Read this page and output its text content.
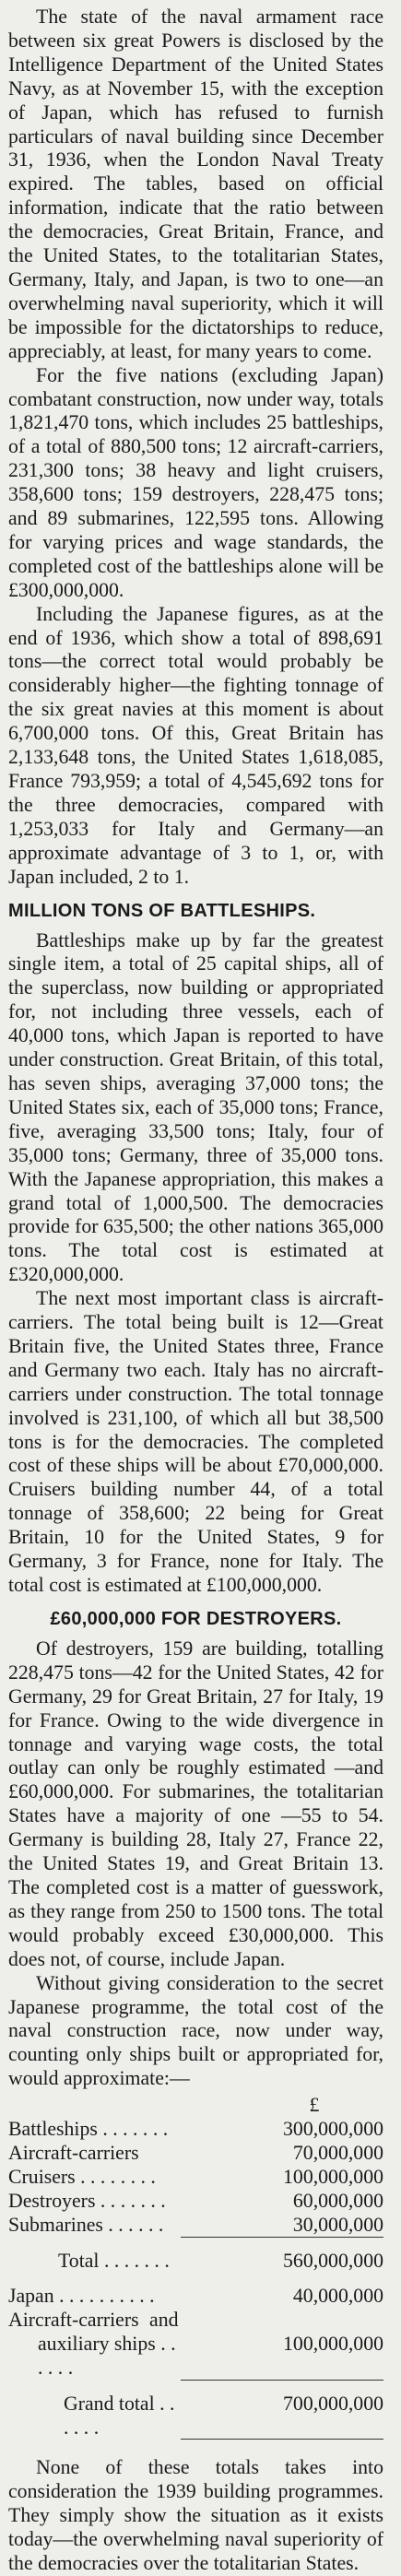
The state of the naval armament race between six great Powers is disclosed by the Intelligence Department of the United States Navy, as at November 15, with the exception of Japan, which has refused to furnish particulars of naval building since December 31, 1936, when the London Naval Treaty expired. The tables, based on official information, indicate that the ratio between the democracies, Great Britain, France, and the United States, to the totalitarian States, Germany, Italy, and Japan, is two to one—an overwhelming naval superiority, which it will be impossible for the dictatorships to reduce, appreciably, at least, for many years to come.

For the five nations (excluding Japan) combatant construction, now under way, totals 1,821,470 tons, which includes 25 battleships, of a total of 880,500 tons; 12 aircraft-carriers, 231,300 tons; 38 heavy and light cruisers, 358,600 tons; 159 destroyers, 228,475 tons; and 89 submarines, 122,595 tons. Allowing for varying prices and wage standards, the completed cost of the battleships alone will be £300,000,000.

Including the Japanese figures, as at the end of 1936, which show a total of 898,691 tons—the correct total would probably be considerably higher—the fighting tonnage of the six great navies at this moment is about 6,700,000 tons. Of this, Great Britain has 2,133,648 tons, the United States 1,618,085, France 793,959; a total of 4,545,692 tons for the three democracies, compared with 1,253,033 for Italy and Germany—an approximate advantage of 3 to 1, or, with Japan included, 2 to 1.

MILLION TONS OF BATTLESHIPS.

Battleships make up by far the greatest single item, a total of 25 capital ships, all of the superclass, now building or appropriated for, not including three vessels, each of 40,000 tons, which Japan is reported to have under construction. Great Britain, of this total, has seven ships, averaging 37,000 tons; the United States six, each of 35,000 tons; France, five, averaging 33,500 tons; Italy, four of 35,000 tons; Germany, three of 35,000 tons. With the Japanese appropriation, this makes a grand total of 1,000,500. The democracies provide for 635,500; the other nations 365,000 tons. The total cost is estimated at £320,000,000.

The next most important class is aircraft-carriers. The total being built is 12—Great Britain five, the United States three, France and Germany two each. Italy has no aircraft-carriers under construction. The total tonnage involved is 231,100, of which all but 38,500 tons is for the democracies. The completed cost of these ships will be about £70,000,000. Cruisers building number 44, of a total tonnage of 358,600; 22 being for Great Britain, 10 for the United States, 9 for Germany, 3 for France, none for Italy. The total cost is estimated at £100,000,000.

£60,000,000 FOR DESTROYERS.

Of destroyers, 159 are building, totalling 228,475 tons—42 for the United States, 42 for Germany, 29 for Great Britain, 27 for Italy, 19 for France. Owing to the wide divergence in tonnage and varying wage costs, the total outlay can only be roughly estimated —and £60,000,000. For submarines, the totalitarian States have a majority of one —55 to 54. Germany is building 28, Italy 27, France 22, the United States 19, and Great Britain 13. The completed cost is a matter of guesswork, as they range from 250 to 1500 tons. The total would probably exceed £30,000,000. This does not, of course, include Japan.

Without giving consideration to the secret Japanese programme, the total cost of the naval construction race, now under way, counting only ships built or appropriated for, would approximate:—

	£
Battleships . . . . . . .	300,000,000
Aircraft-carriers	70,000,000
Cruisers . . . . . . . .	100,000,000
Destroyers . . . . . . .	60,000,000
Submarines . . . . . .	30,000,000

Total . . . . . . .	560,000,000

Japan . . . . . . . . . .	40,000,000
Aircraft-carriers and	
auxiliary ships . . . . . .	100,000,000

Grand total . . . . . .	700,000,000

None of these totals takes into consideration the 1939 building programmes. They simply show the situation as it exists today—the overwhelming naval superiority of the democracies over the totalitarian States.
